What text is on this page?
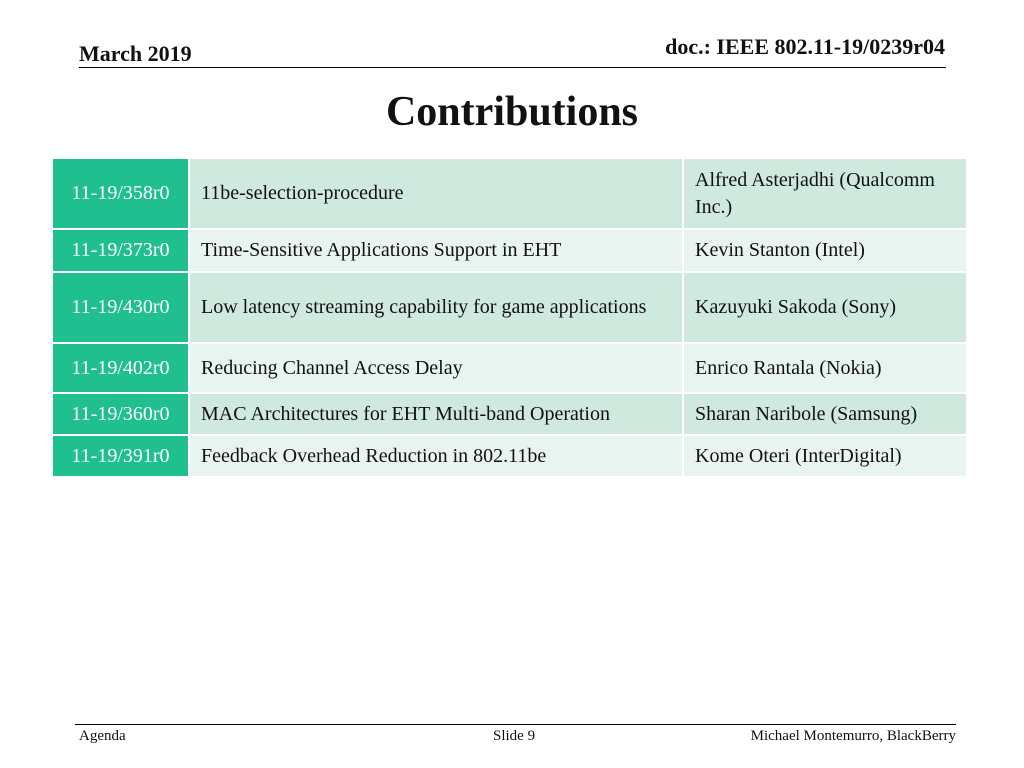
March 2019	doc.: IEEE 802.11-19/0239r04
Contributions
11-19/358r0	11be-selection-procedure	Alfred Asterjadhi (Qualcomm Inc.)
11-19/373r0	Time-Sensitive Applications Support in EHT	Kevin Stanton (Intel)
11-19/430r0	Low latency streaming capability for game applications	Kazuyuki Sakoda (Sony)
11-19/402r0	Reducing Channel Access Delay	Enrico Rantala (Nokia)
11-19/360r0	MAC Architectures for EHT Multi-band Operation	Sharan Naribole (Samsung)
11-19/391r0	Feedback Overhead Reduction in 802.11be	Kome Oteri (InterDigital)
Agenda	Slide 9	Michael Montemurro, BlackBerry
